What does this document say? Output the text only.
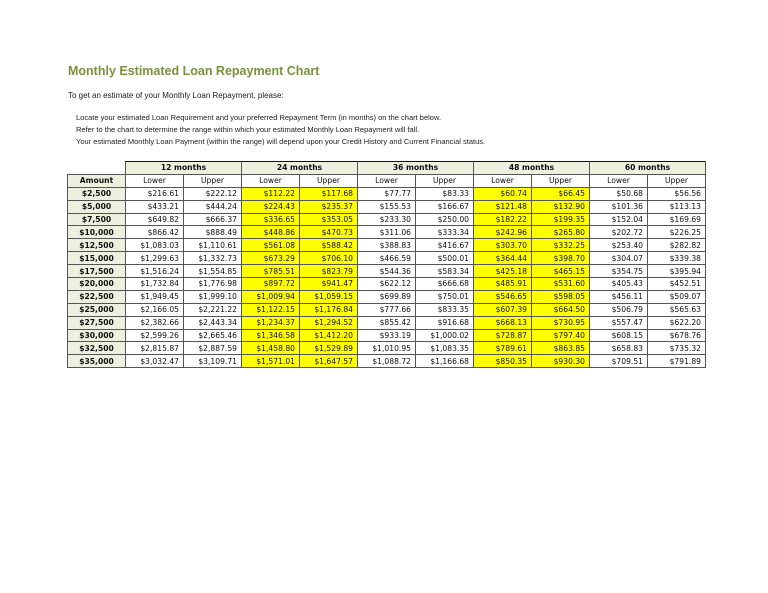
Monthly Estimated Loan Repayment Chart
To get an estimate of your Monthly Loan Repayment, please:
Locate your estimated Loan Requirement and your preferred Repayment Term (in months) on the chart below.
Refer to the chart to determine the range within which your estimated Monthly Loan Repayment will fall.
Your estimated Monthly Loan Payment (within the range) will depend upon your Credit History and Current Financial status.
	12 months		24 months		36 months		48 months		60 months	
Amount	Lower	Upper	Lower	Upper	Lower	Upper	Lower	Upper	Lower	Upper
$2,500	$216.61	$222.12	$112.22	$117.68	$77.77	$83.33	$60.74	$66.45	$50.68	$56.56
$5,000	$433.21	$444.24	$224.43	$235.37	$155.53	$166.67	$121.48	$132.90	$101.36	$113.13
$7,500	$649.82	$666.37	$336.65	$353.05	$233.30	$250.00	$182.22	$199.35	$152.04	$169.69
$10,000	$866.42	$888.49	$448.86	$470.73	$311.06	$333.34	$242.96	$265.80	$202.72	$226.25
$12,500	$1,083.03	$1,110.61	$561.08	$588.42	$388.83	$416.67	$303.70	$332.25	$253.40	$282.82
$15,000	$1,299.63	$1,332.73	$673.29	$706.10	$466.59	$500.01	$364.44	$398.70	$304.07	$339.38
$17,500	$1,516.24	$1,554.85	$785.51	$823.79	$544.36	$583.34	$425.18	$465.15	$354.75	$395.94
$20,000	$1,732.84	$1,776.98	$897.72	$941.47	$622.12	$666.68	$485.91	$531.60	$405.43	$452.51
$22,500	$1,949.45	$1,999.10	$1,009.94	$1,059.15	$699.89	$750.01	$546.65	$598.05	$456.11	$509.07
$25,000	$2,166.05	$2,221.22	$1,122.15	$1,176.84	$777.66	$833.35	$607.39	$664.50	$506.79	$565.63
$27,500	$2,382.66	$2,443.34	$1,234.37	$1,294.52	$855.42	$916.68	$668.13	$730.95	$557.47	$622.20
$30,000	$2,599.26	$2,665.46	$1,346.58	$1,412.20	$933.19	$1,000.02	$728.87	$797.40	$608.15	$678.76
$32,500	$2,815.87	$2,887.59	$1,458.80	$1,529.89	$1,010.95	$1,083.35	$789.61	$863.85	$658.83	$735.32
$35,000	$3,032.47	$3,109.71	$1,571.01	$1,647.57	$1,088.72	$1,166.68	$850.35	$930.30	$709.51	$791.89
